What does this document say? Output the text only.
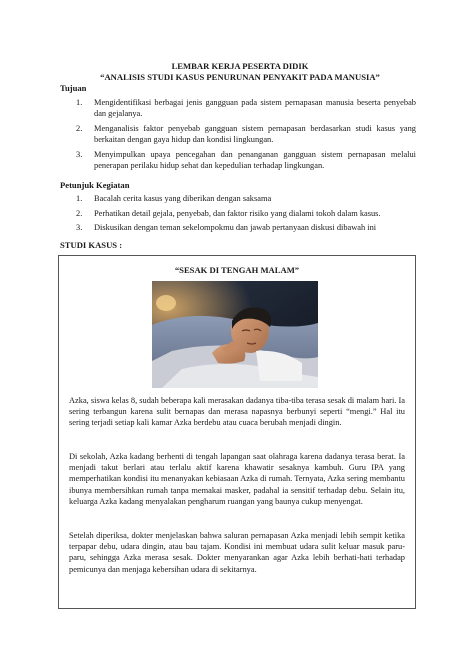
LEMBAR KERJA PESERTA DIDIK

“ANALISIS STUDI KASUS PENURUNAN PENYAKIT PADA MANUSIA”

Tujuan

1. Mengidentifikasi berbagai jenis gangguan pada sistem pernapasan manusia beserta penyebab dan gejalanya.
2. Menganalisis faktor penyebab gangguan sistem pernapasan berdasarkan studi kasus yang berkaitan dengan gaya hidup dan kondisi lingkungan.
3. Menyimpulkan upaya pencegahan dan penanganan gangguan sistem pernapasan melalui penerapan perilaku hidup sehat dan kepedulian terhadap lingkungan.

Petunjuk Kegiatan

1. Bacalah cerita kasus yang diberikan dengan saksama
2. Perhatikan detail gejala, penyebab, dan faktor risiko yang dialami tokoh dalam kasus.
3. Diskusikan dengan teman sekelompokmu dan jawab pertanyaan diskusi dibawah ini

STUDI KASUS :

“SESAK DI TENGAH MALAM”

Azka, siswa kelas 8, sudah beberapa kali merasakan dadanya tiba-tiba terasa sesak di malam hari. Ia sering terbangun karena sulit bernapas dan merasa napasnya berbunyi seperti “mengi.” Hal itu sering terjadi setiap kali kamar Azka berdebu atau cuaca berubah menjadi dingin.

Di sekolah, Azka kadang berhenti di tengah lapangan saat olahraga karena dadanya terasa berat. Ia menjadi takut berlari atau terlalu aktif karena khawatir sesaknya kambuh. Guru IPA yang memperhatikan kondisi itu menanyakan kebiasaan Azka di rumah. Ternyata, Azka sering membantu ibunya membersihkan rumah tanpa memakai masker, padahal ia sensitif terhadap debu. Selain itu, keluarga Azka kadang menyalakan pengharum ruangan yang baunya cukup menyengat.

Setelah diperiksa, dokter menjelaskan bahwa saluran pernapasan Azka menjadi lebih sempit ketika terpapar debu, udara dingin, atau bau tajam. Kondisi ini membuat udara sulit keluar masuk paru-paru, sehingga Azka merasa sesak. Dokter menyarankan agar Azka lebih berhati-hati terhadap pemicunya dan menjaga kebersihan udara di sekitarnya.
